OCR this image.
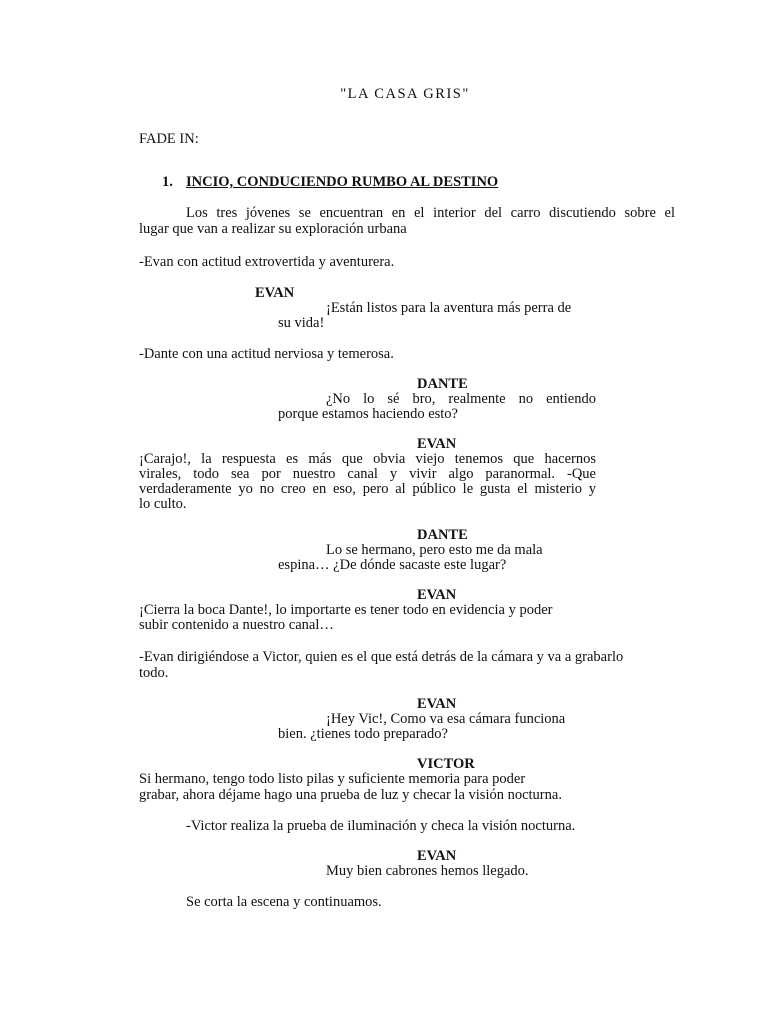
"LA CASA GRIS"

FADE IN:

1. INCIO, CONDUCIENDO RUMBO AL DESTINO

Los tres jóvenes se encuentran en el interior del carro discutiendo sobre el

lugar que van a realizar su exploración urbana

-Evan con actitud extrovertida y aventurera.

EVAN

¡Están listos para la aventura más perra de

su vida!

-Dante con una actitud nerviosa y temerosa.

DANTE

¿No lo sé bro, realmente no entiendo

porque estamos haciendo esto?

EVAN

¡Carajo!, la respuesta es más que obvia viejo tenemos que hacernos

virales, todo sea por nuestro canal y vivir algo paranormal. -Que

verdaderamente yo no creo en eso, pero al público le gusta el misterio y

lo culto.

DANTE

Lo se hermano, pero esto me da mala

espina… ¿De dónde sacaste este lugar?

EVAN

¡Cierra la boca Dante!, lo importarte es tener todo en evidencia y poder

subir contenido a nuestro canal…

-Evan dirigiéndose a Victor, quien es el que está detrás de la cámara y va a grabarlo

todo.

EVAN

¡Hey Vic!, Como va esa cámara funciona

bien. ¿tienes todo preparado?

VICTOR

Si hermano, tengo todo listo pilas y suficiente memoria para poder

grabar, ahora déjame hago una prueba de luz y checar la visión nocturna.

-Victor realiza la prueba de iluminación y checa la visión nocturna.

EVAN

Muy bien cabrones hemos llegado.

Se corta la escena y continuamos.
